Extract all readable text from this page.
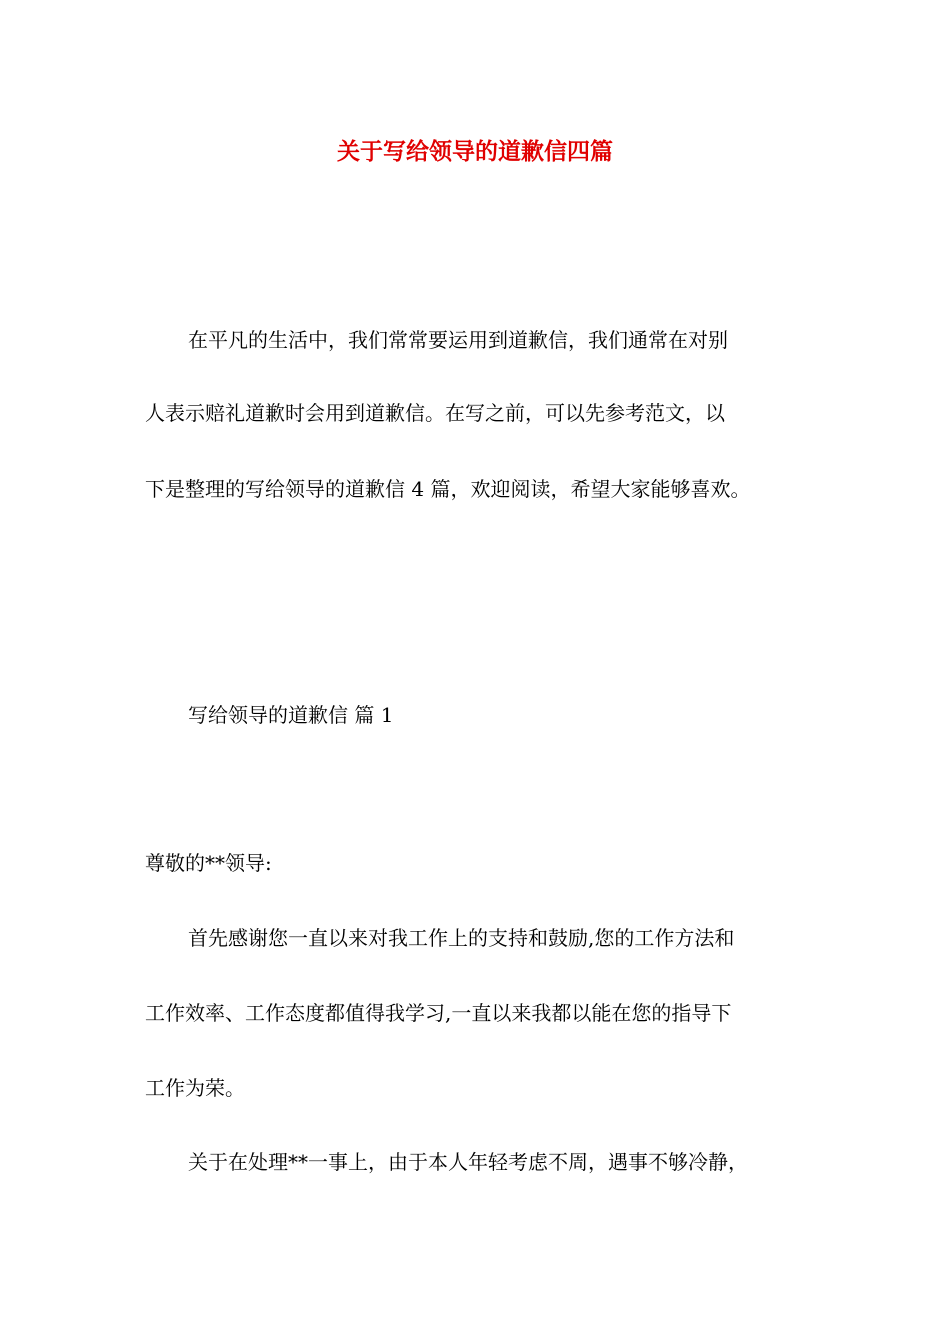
关于写给领导的道歉信四篇

在平凡的生活中，我们常常要运用到道歉信，我们通常在对别

人表示赔礼道歉时会用到道歉信。在写之前，可以先参考范文，以

下是整理的写给领导的道歉信 4 篇，欢迎阅读，希望大家能够喜欢。

写给领导的道歉信 篇 1

尊敬的**领导:

首先感谢您一直以来对我工作上的支持和鼓励,您的工作方法和

工作效率、工作态度都值得我学习,一直以来我都以能在您的指导下

工作为荣。

关于在处理**一事上，由于本人年轻考虑不周，遇事不够冷静，
